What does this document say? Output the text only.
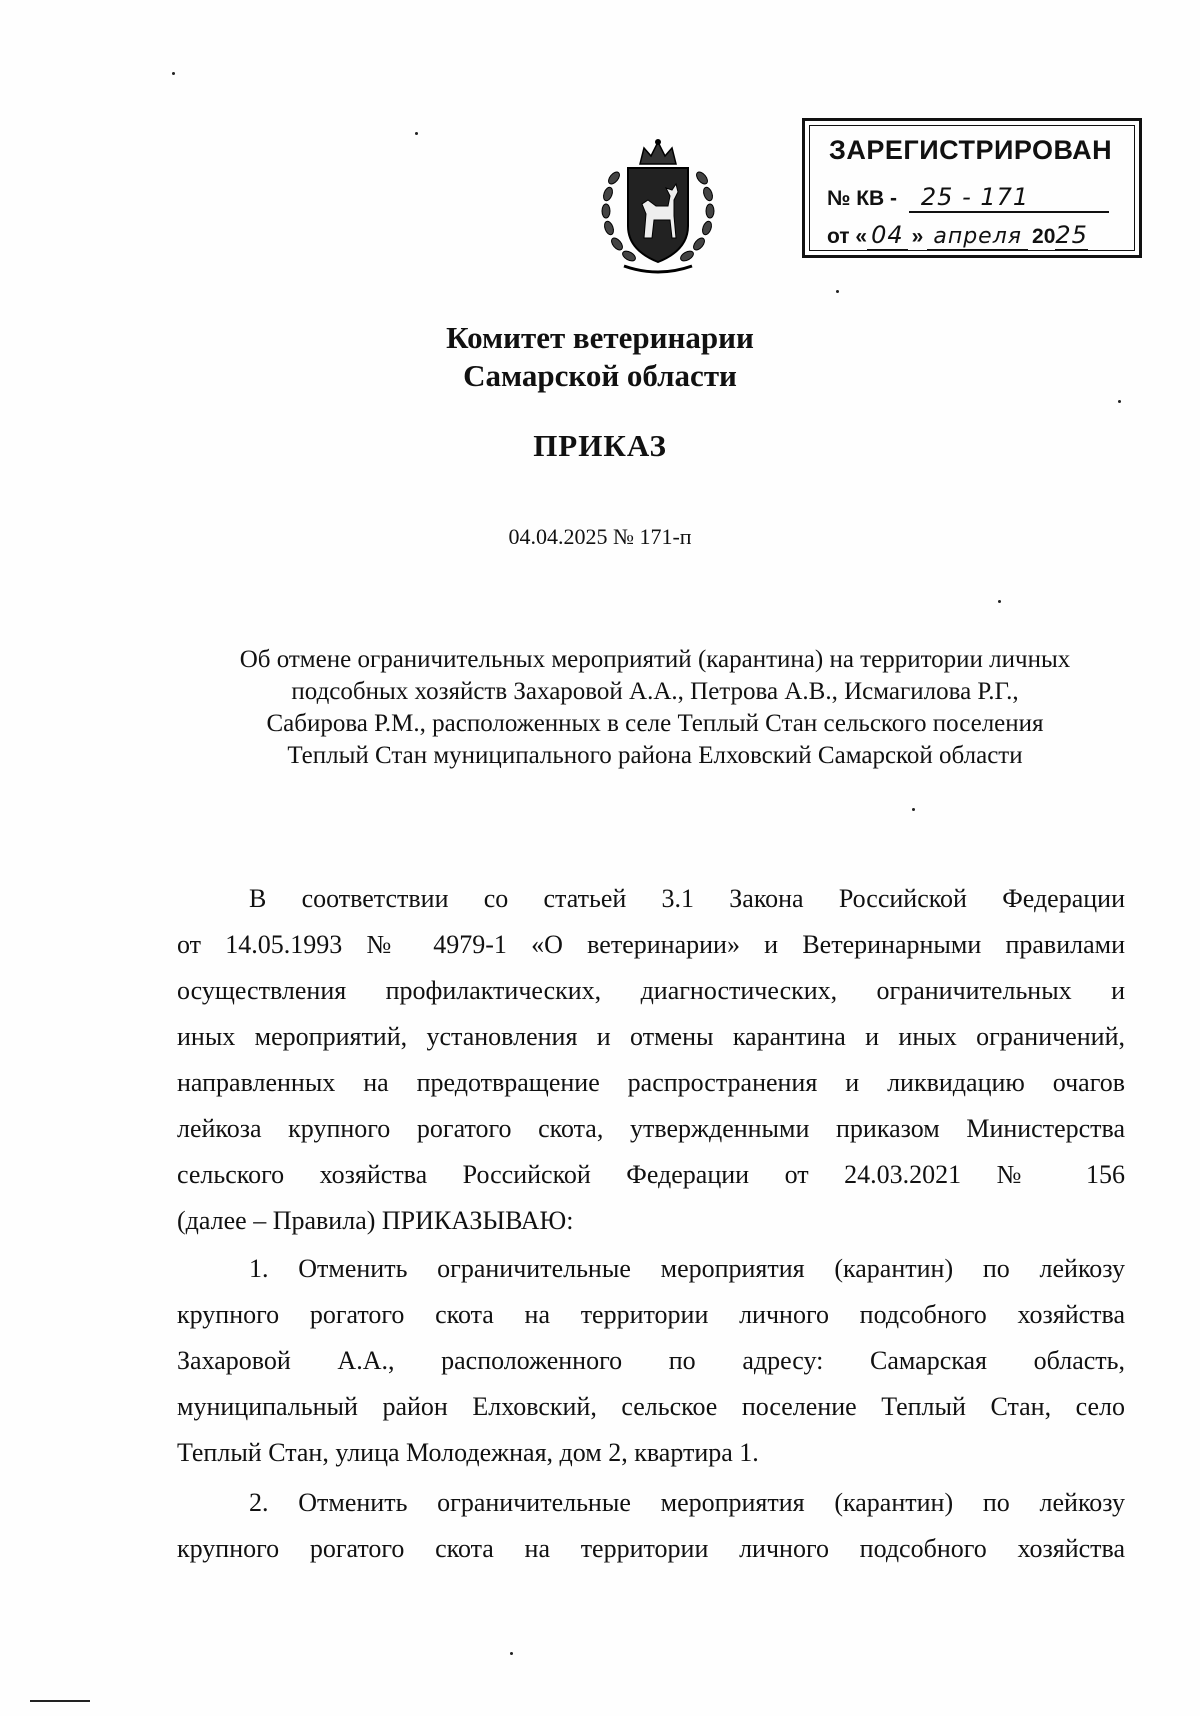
ЗАРЕГИСТРИРОВАН
№ КВ - 25 - 171
от « 04 » апреля 2025
Комитет ветеринарии
Самарской области
ПРИКАЗ
04.04.2025 № 171-п
Об отмене ограничительных мероприятий (карантина) на территории личных
подсобных хозяйств Захаровой А.А., Петрова А.В., Исмагилова Р.Г.,
Сабирова Р.М., расположенных в селе Теплый Стан сельского поселения
Теплый Стан муниципального района Елховский Самарской области
В соответствии со статьей 3.1 Закона Российской Федерации
от 14.05.1993 № 4979-1 «О ветеринарии» и Ветеринарными правилами
осуществления профилактических, диагностических, ограничительных и
иных мероприятий, установления и отмены карантина и иных ограничений,
направленных на предотвращение распространения и ликвидацию очагов
лейкоза крупного рогатого скота, утвержденными приказом Министерства
сельского хозяйства Российской Федерации от 24.03.2021 № 156
(далее – Правила) ПРИКАЗЫВАЮ:
1. Отменить ограничительные мероприятия (карантин) по лейкозу
крупного рогатого скота на территории личного подсобного хозяйства
Захаровой А.А., расположенного по адресу: Самарская область,
муниципальный район Елховский, сельское поселение Теплый Стан, село
Теплый Стан, улица Молодежная, дом 2, квартира 1.
2. Отменить ограничительные мероприятия (карантин) по лейкозу
крупного рогатого скота на территории личного подсобного хозяйства
